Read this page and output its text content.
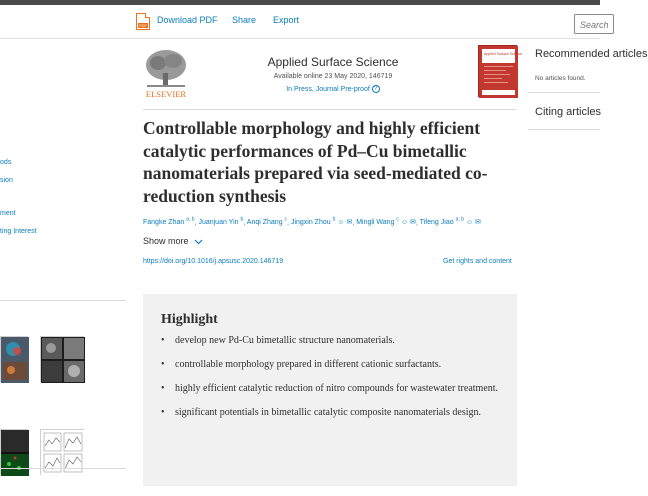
PDF
Download PDF Share Export
Search
ods
sion
ment
ting Interest
ELSEVIER
Applied Surface Science
Available online 23 May 2020, 146719
In Press, Journal Pre-proof ?
Applied Surface Science
Controllable morphology and highly efficient catalytic performances of Pd–Cu bimetallic nanomaterials prepared via seed-mediated co-reduction synthesis
Fangke Zhan $^{a, b}$, Juanjuan Yin $^b$, Anqi Zhang $^c$, Jingxin Zhou $^b$ ☺ ✉, Mingli Wang $^c$ ☺ ✉, Tifeng Jiao $^{a, b}$ ☺ ✉
Show more
https://doi.org/10.1016/j.apsusc.2020.146719	Get rights and content
Highlight
• develop new Pd-Cu bimetallic structure nanomaterials.
• controllable morphology prepared in different cationic surfactants.
• highly efficient catalytic reduction of nitro compounds for wastewater treatment.
• significant potentials in bimetallic catalytic composite nanomaterials design.
Recommended articles
No articles found.
Citing articles
